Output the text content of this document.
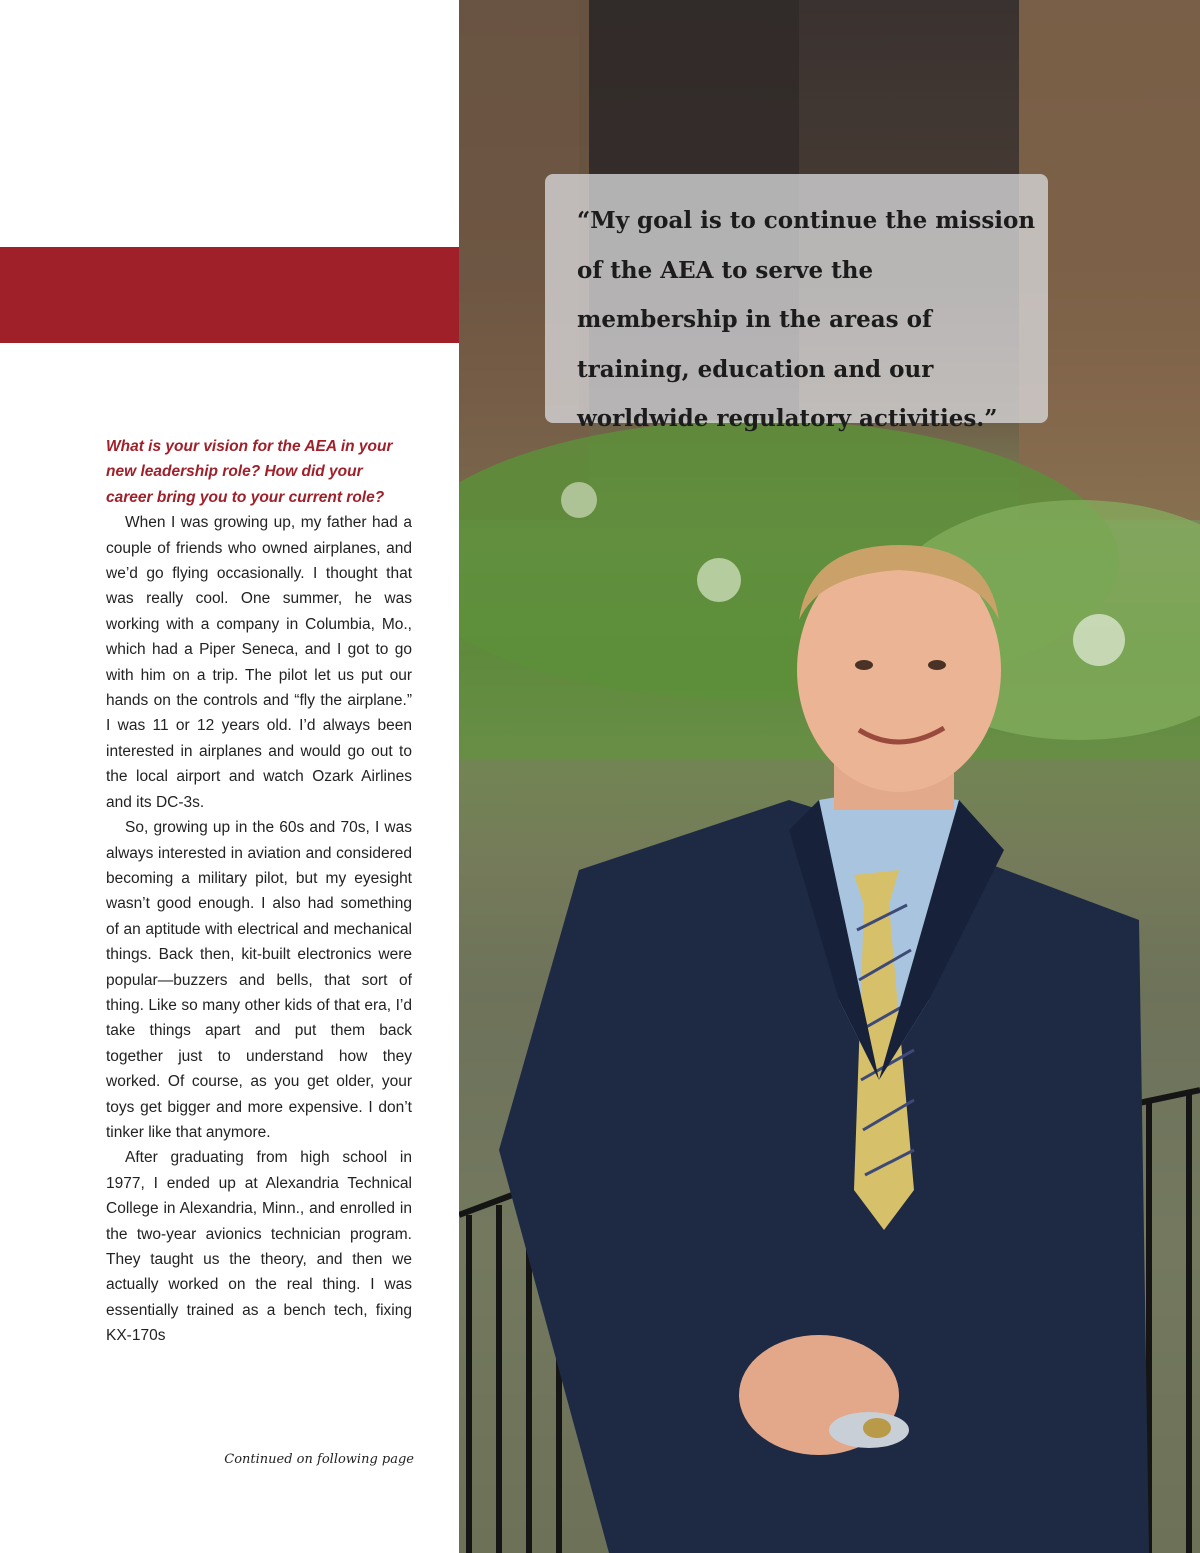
“My goal is to continue the mission of the AEA to serve the membership in the areas of training, education and our worldwide regulatory activities.”

What is your vision for the AEA in your new leadership role? How did your career bring you to your current role?

When I was growing up, my father had a couple of friends who owned airplanes, and we’d go flying occasionally. I thought that was really cool. One summer, he was working with a company in Columbia, Mo., which had a Piper Seneca, and I got to go with him on a trip. The pilot let us put our hands on the controls and “fly the airplane.” I was 11 or 12 years old. I’d always been interested in airplanes and would go out to the local airport and watch Ozark Airlines and its DC-3s.

So, growing up in the 60s and 70s, I was always interested in aviation and considered becoming a military pilot, but my eyesight wasn’t good enough. I also had something of an aptitude with electrical and mechanical things. Back then, kit-built electronics were popular—buzzers and bells, that sort of thing. Like so many other kids of that era, I’d take things apart and put them back together just to understand how they worked. Of course, as you get older, your toys get bigger and more expensive. I don’t tinker like that anymore.

After graduating from high school in 1977, I ended up at Alexandria Technical College in Alexandria, Minn., and enrolled in the two-year avionics technician program. They taught us the theory, and then we actually worked on the real thing. I was essentially trained as a bench tech, fixing KX-170s

Continued on following page
